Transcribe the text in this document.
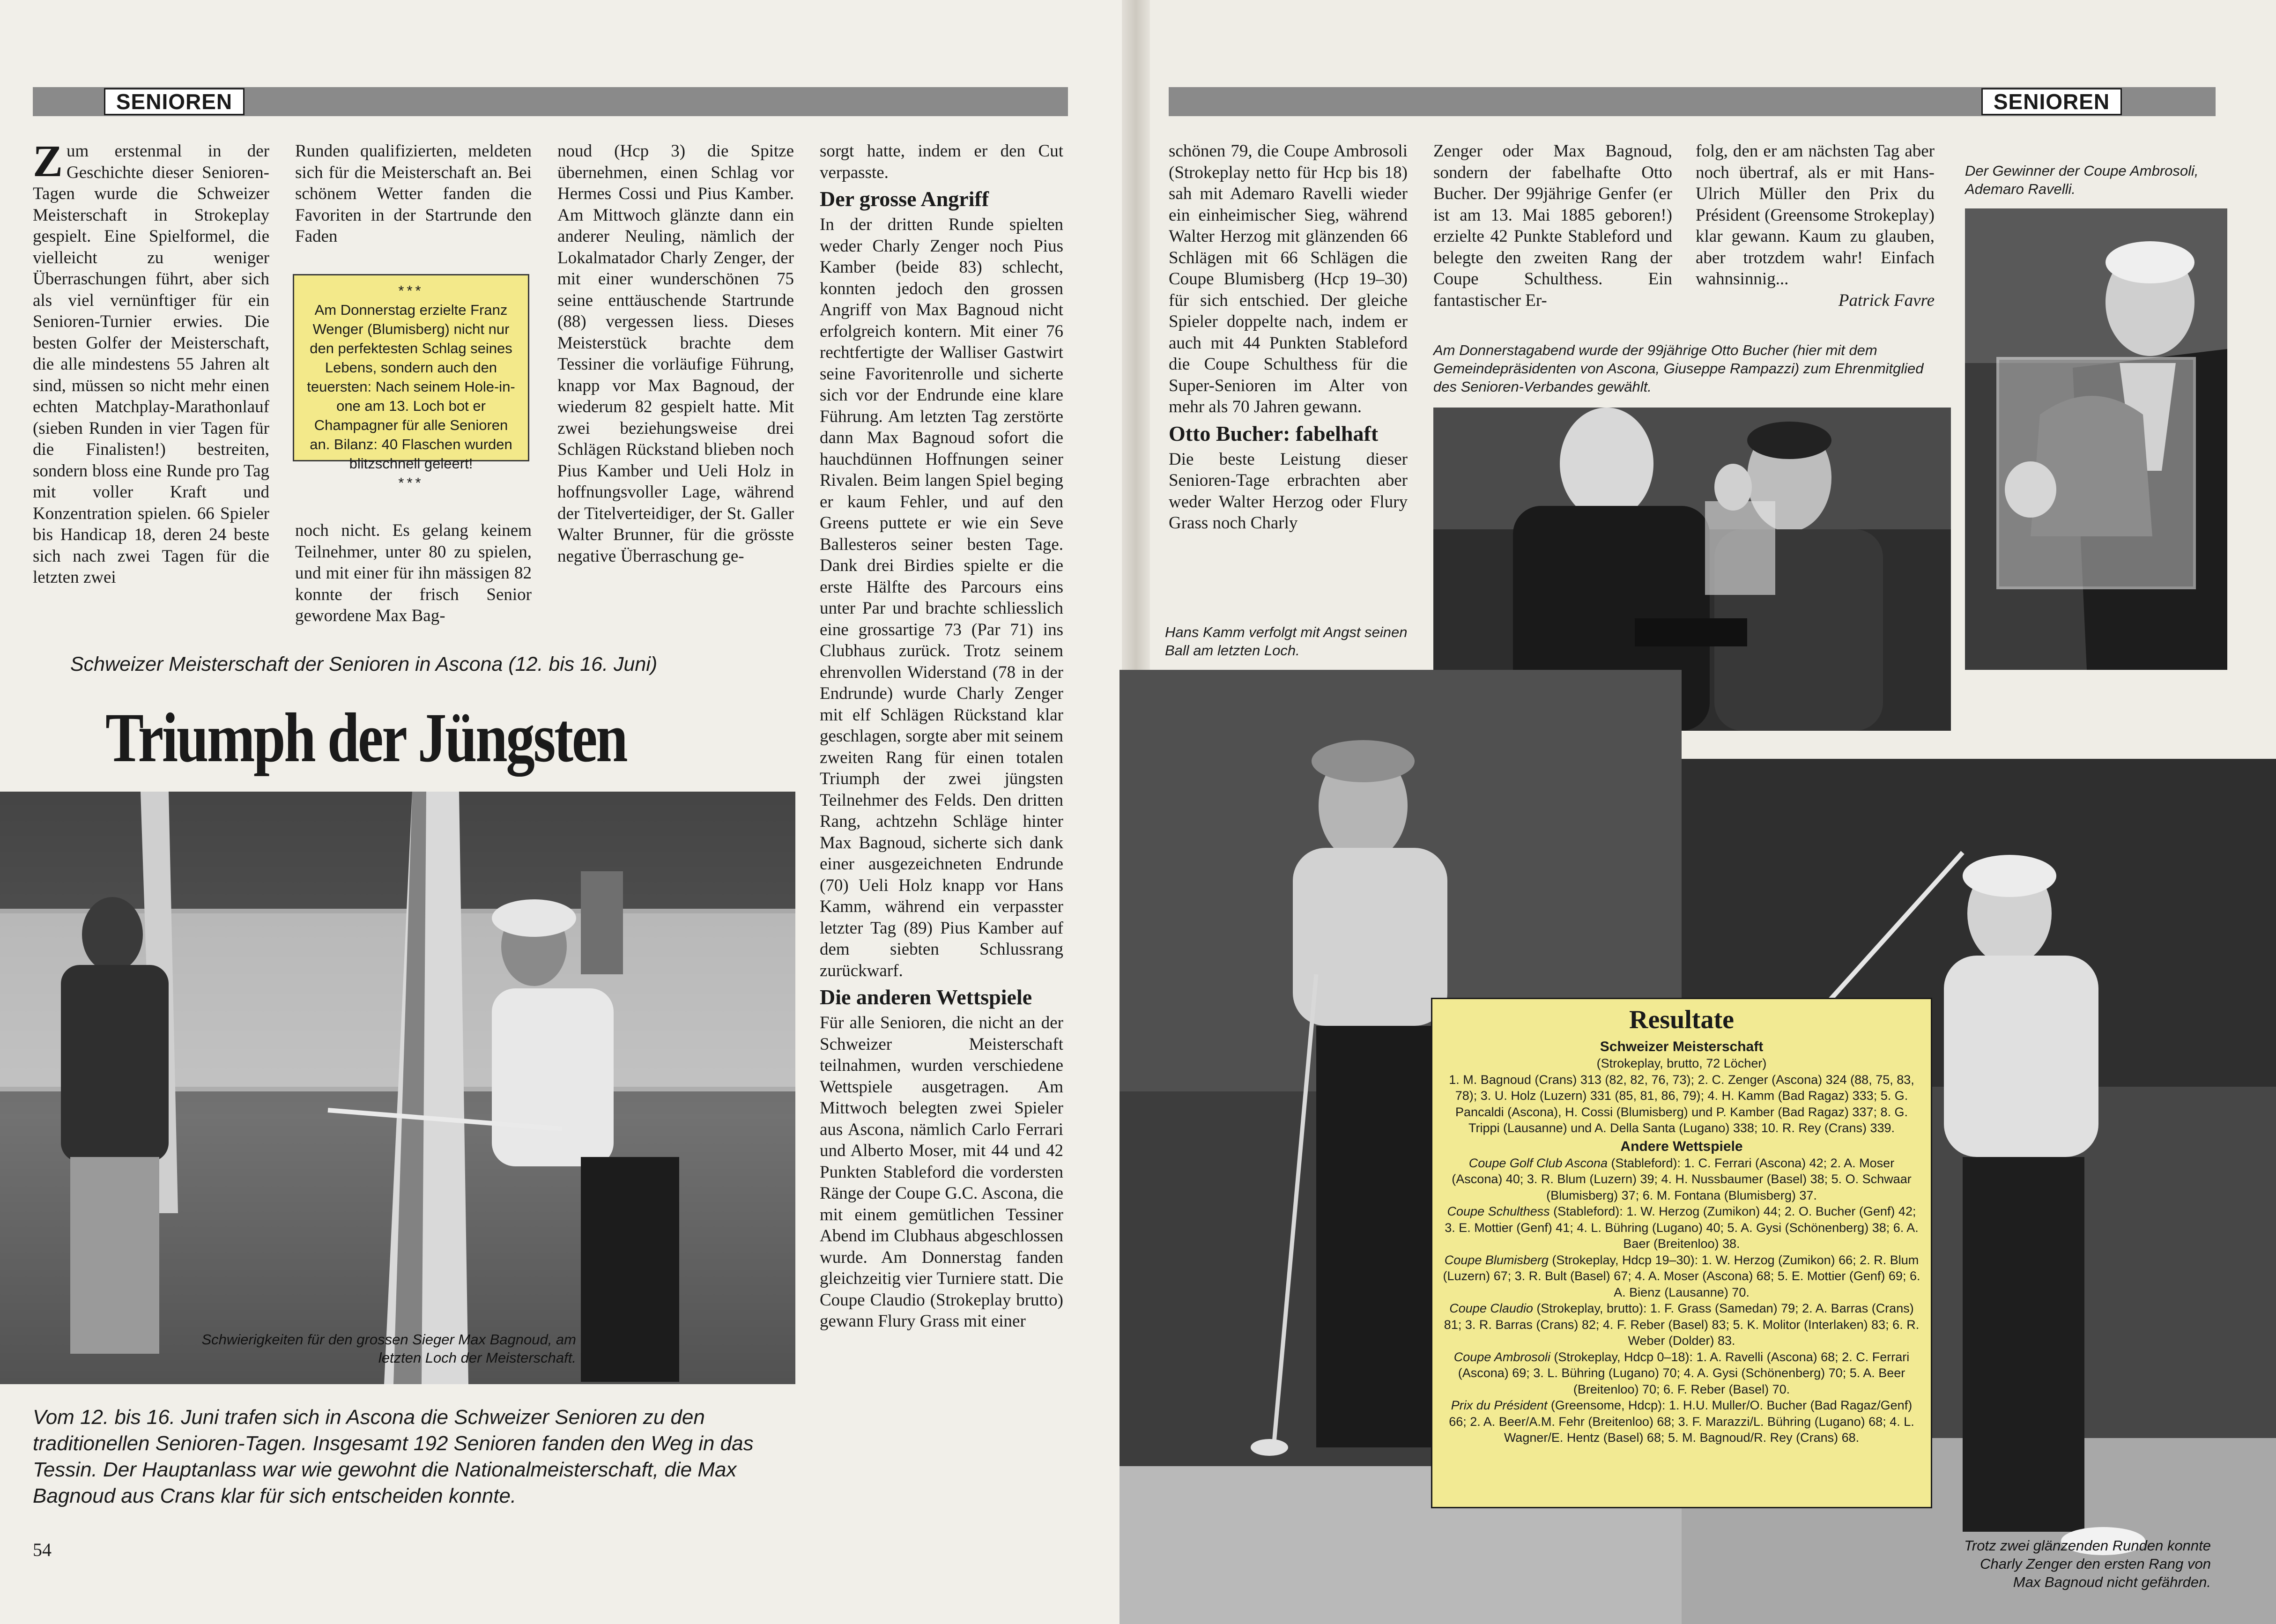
SENIOREN

Zum erstenmal in der Geschichte dieser Senioren-Tagen wurde die Schweizer Meisterschaft in Strokeplay gespielt. Eine Spielformel, die vielleicht zu weniger Überraschungen führt, aber sich als viel vernünftiger für ein Senioren-Turnier erwies. Die besten Golfer der Meisterschaft, die alle mindestens 55 Jahren alt sind, müssen so nicht mehr einen echten Matchplay-Marathonlauf (sieben Runden in vier Tagen für die Finalisten!) bestreiten, sondern bloss eine Runde pro Tag mit voller Kraft und Konzentration spielen. 66 Spieler bis Handicap 18, deren 24 beste sich nach zwei Tagen für die letzten zwei

Runden qualifizierten, meldeten sich für die Meisterschaft an. Bei schönem Wetter fanden die Favoriten in der Startrunde den Faden

***
Am Donnerstag erzielte Franz Wenger (Blumisberg) nicht nur den perfektesten Schlag seines Lebens, sondern auch den teuersten: Nach seinem Hole-in-one am 13. Loch bot er Champagner für alle Senioren an. Bilanz: 40 Flaschen wurden blitzschnell geleert!
***

noch nicht. Es gelang keinem Teilnehmer, unter 80 zu spielen, und mit einer für ihn mässigen 82 konnte der frisch Senior gewordene Max Bag-

noud (Hcp 3) die Spitze übernehmen, einen Schlag vor Hermes Cossi und Pius Kamber. Am Mittwoch glänzte dann ein anderer Neuling, nämlich der Lokalmatador Charly Zenger, der mit einer wunderschönen 75 seine enttäuschende Startrunde (88) vergessen liess. Dieses Meisterstück brachte dem Tessiner die vorläufige Führung, knapp vor Max Bagnoud, der wiederum 82 gespielt hatte. Mit zwei beziehungsweise drei Schlägen Rückstand blieben noch Pius Kamber und Ueli Holz in hoffnungsvoller Lage, während der Titelverteidiger, der St. Galler Walter Brunner, für die grösste negative Überraschung ge-

sorgt hatte, indem er den Cut verpasste.

Der grosse Angriff

In der dritten Runde spielten weder Charly Zenger noch Pius Kamber (beide 83) schlecht, konnten jedoch den grossen Angriff von Max Bagnoud nicht erfolgreich kontern. Mit einer 76 rechtfertigte der Walliser Gastwirt seine Favoritenrolle und sicherte sich vor der Endrunde eine klare Führung. Am letzten Tag zerstörte dann Max Bagnoud sofort die hauchdünnen Hoffnungen seiner Rivalen. Beim langen Spiel beging er kaum Fehler, und auf den Greens puttete er wie ein Seve Ballesteros seiner besten Tage. Dank drei Birdies spielte er die erste Hälfte des Parcours eins unter Par und brachte schliesslich eine grossartige 73 (Par 71) ins Clubhaus zurück. Trotz seinem ehrenvollen Widerstand (78 in der Endrunde) wurde Charly Zenger mit elf Schlägen Rückstand klar geschlagen, sorgte aber mit seinem zweiten Rang für einen totalen Triumph der zwei jüngsten Teilnehmer des Felds. Den dritten Rang, achtzehn Schläge hinter Max Bagnoud, sicherte sich dank einer ausgezeichneten Endrunde (70) Ueli Holz knapp vor Hans Kamm, während ein verpasster letzter Tag (89) Pius Kamber auf dem siebten Schlussrang zurückwarf.

Die anderen Wettspiele

Für alle Senioren, die nicht an der Schweizer Meisterschaft teilnahmen, wurden verschiedene Wettspiele ausgetragen. Am Mittwoch belegten zwei Spieler aus Ascona, nämlich Carlo Ferrari und Alberto Moser, mit 44 und 42 Punkten Stableford die vordersten Ränge der Coupe G.C. Ascona, die mit einem gemütlichen Tessiner Abend im Clubhaus abgeschlossen wurde. Am Donnerstag fanden gleichzeitig vier Turniere statt. Die Coupe Claudio (Strokeplay brutto) gewann Flury Grass mit einer

Schweizer Meisterschaft der Senioren in Ascona (12. bis 16. Juni)
Triumph der Jüngsten
Schwierigkeiten für den grossen Sieger Max Bagnoud, am letzten Loch der Meisterschaft.
Vom 12. bis 16. Juni trafen sich in Ascona die Schweizer Senioren zu den traditionellen Senioren-Tagen. Insgesamt 192 Senioren fanden den Weg in das Tessin. Der Hauptanlass war wie gewohnt die Nationalmeisterschaft, die Max Bagnoud aus Crans klar für sich entscheiden konnte.
54
SENIOREN

schönen 79, die Coupe Ambrosoli (Strokeplay netto für Hcp bis 18) sah mit Ademaro Ravelli wieder ein einheimischer Sieg, während Walter Herzog mit glänzenden 66 Schlägen mit 66 Schlägen die Coupe Blumisberg (Hcp 19–30) für sich entschied. Der gleiche Spieler doppelte nach, indem er auch mit 44 Punkten Stableford die Coupe Schulthess für die Super-Senioren im Alter von mehr als 70 Jahren gewann.

Otto Bucher: fabelhaft

Die beste Leistung dieser Senioren-Tage erbrachten aber weder Walter Herzog oder Flury Grass noch Charly

Zenger oder Max Bagnoud, sondern der fabelhafte Otto Bucher. Der 99jährige Genfer (er ist am 13. Mai 1885 geboren!) erzielte 42 Punkte Stableford und belegte den zweiten Rang der Coupe Schulthess. Ein fantastischer Er-

folg, den er am nächsten Tag aber noch übertraf, als er mit Hans-Ulrich Müller den Prix du Président (Greensome Strokeplay) klar gewann. Kaum zu glauben, aber trotzdem wahr! Einfach wahnsinnig...

Patrick Favre

Der Gewinner der Coupe Ambrosoli, Ademaro Ravelli.
Am Donnerstagabend wurde der 99jährige Otto Bucher (hier mit dem Gemeindepräsidenten von Ascona, Giuseppe Rampazzi) zum Ehrenmitglied des Senioren-Verbandes gewählt.
Hans Kamm verfolgt mit Angst seinen Ball am letzten Loch.
Resultate
Schweizer Meisterschaft

(Strokeplay, brutto, 72 Löcher)

1. M. Bagnoud (Crans) 313 (82, 82, 76, 73); 2. C. Zenger (Ascona) 324 (88, 75, 83, 78); 3. U. Holz (Luzern) 331 (85, 81, 86, 79); 4. H. Kamm (Bad Ragaz) 333; 5. G. Pancaldi (Ascona), H. Cossi (Blumisberg) und P. Kamber (Bad Ragaz) 337; 8. G. Trippi (Lausanne) und A. Della Santa (Lugano) 338; 10. R. Rey (Crans) 339.

Andere Wettspiele

Coupe Golf Club Ascona (Stableford): 1. C. Ferrari (Ascona) 42; 2. A. Moser (Ascona) 40; 3. R. Blum (Luzern) 39; 4. H. Nussbaumer (Basel) 38; 5. O. Schwaar (Blumisberg) 37; 6. M. Fontana (Blumisberg) 37.

Coupe Schulthess (Stableford): 1. W. Herzog (Zumikon) 44; 2. O. Bucher (Genf) 42; 3. E. Mottier (Genf) 41; 4. L. Bühring (Lugano) 40; 5. A. Gysi (Schönenberg) 38; 6. A. Baer (Breitenloo) 38.

Coupe Blumisberg (Strokeplay, Hdcp 19–30): 1. W. Herzog (Zumikon) 66; 2. R. Blum (Luzern) 67; 3. R. Bult (Basel) 67; 4. A. Moser (Ascona) 68; 5. E. Mottier (Genf) 69; 6. A. Bienz (Lausanne) 70.

Coupe Claudio (Strokeplay, brutto): 1. F. Grass (Samedan) 79; 2. A. Barras (Crans) 81; 3. R. Barras (Crans) 82; 4. F. Reber (Basel) 83; 5. K. Molitor (Interlaken) 83; 6. R. Weber (Dolder) 83.

Coupe Ambrosoli (Strokeplay, Hdcp 0–18): 1. A. Ravelli (Ascona) 68; 2. C. Ferrari (Ascona) 69; 3. L. Bühring (Lugano) 70; 4. A. Gysi (Schönenberg) 70; 5. A. Beer (Breitenloo) 70; 6. F. Reber (Basel) 70.

Prix du Président (Greensome, Hdcp): 1. H.U. Muller/O. Bucher (Bad Ragaz/Genf) 66; 2. A. Beer/A.M. Fehr (Breitenloo) 68; 3. F. Marazzi/L. Bühring (Lugano) 68; 4. L. Wagner/E. Hentz (Basel) 68; 5. M. Bagnoud/R. Rey (Crans) 68.

Trotz zwei glänzenden Runden konnte Charly Zenger den ersten Rang von Max Bagnoud nicht gefährden.
